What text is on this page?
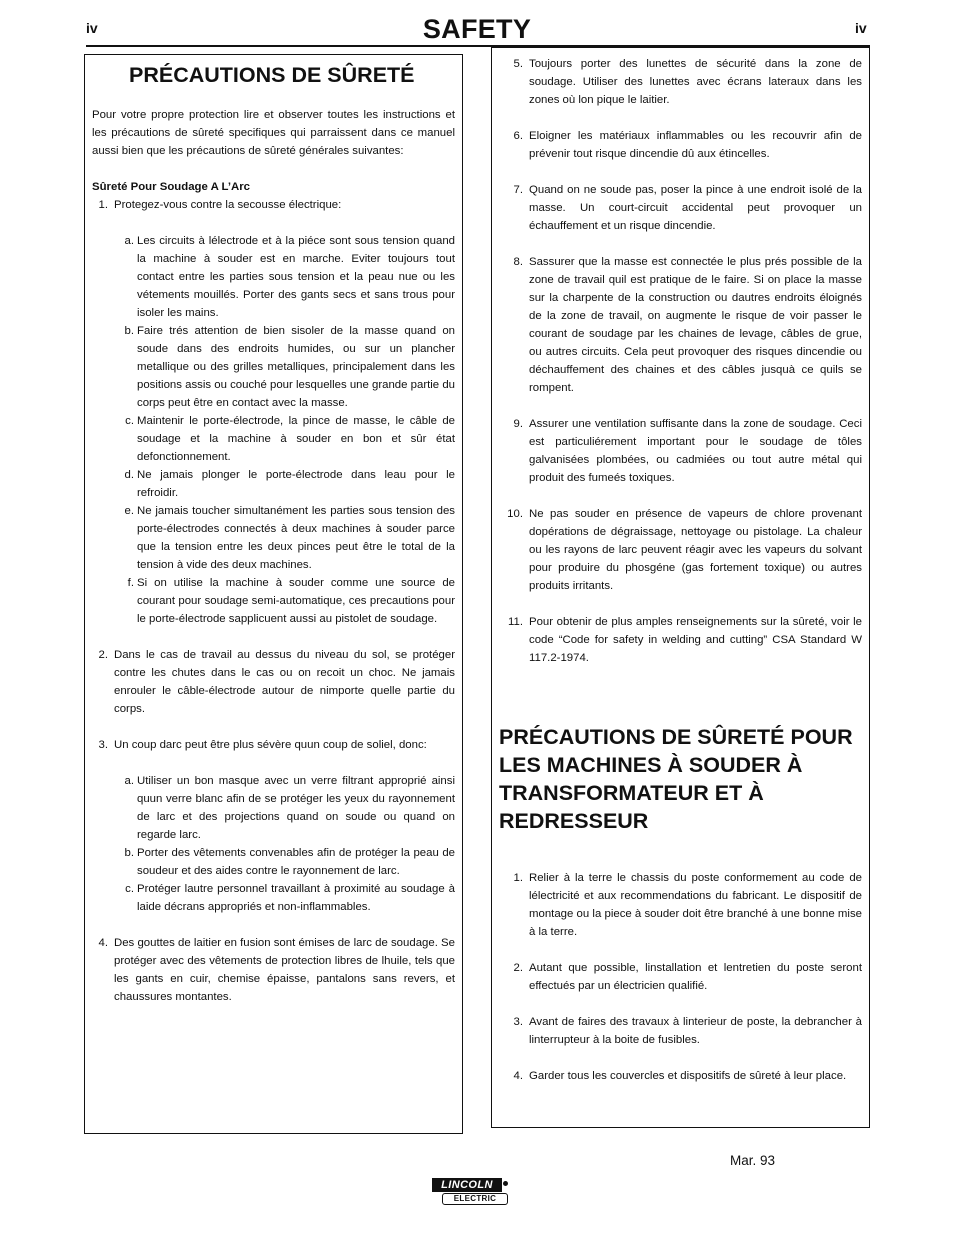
iv	SAFETY	iv
PRÉCAUTIONS DE SÛRETÉ
Pour votre propre protection lire et observer toutes les instructions et les précautions de sûreté specifiques qui parraissent dans ce manuel aussi bien que les précautions de sûreté générales suivantes:
Sûreté Pour Soudage A L’Arc
1. Protegez-vous contre la secousse électrique:
a. Les circuits à lélectrode et à la piéce sont sous tension quand la machine à souder est en marche. Eviter toujours tout contact entre les parties sous tension et la peau nue ou les vétements mouillés. Porter des gants secs et sans trous pour isoler les mains.
b. Faire trés attention de bien sisoler de la masse quand on soude dans des endroits humides, ou sur un plancher metallique ou des grilles metalliques, principalement dans les positions assis ou couché pour lesquelles une grande partie du corps peut être en contact avec la masse.
c. Maintenir le porte-électrode, la pince de masse, le câble de soudage et la machine à souder en bon et sûr état defonctionnement.
d. Ne jamais plonger le porte-électrode dans leau pour le refroidir.
e. Ne jamais toucher simultanément les parties sous tension des porte-électrodes connectés à deux machines à souder parce que la tension entre les deux pinces peut être le total de la tension à vide des deux machines.
f. Si on utilise la machine à souder comme une source de courant pour soudage semi-automatique, ces precautions pour le porte-électrode sapplicuent aussi au pistolet de soudage.
2. Dans le cas de travail au dessus du niveau du sol, se protéger contre les chutes dans le cas ou on recoit un choc. Ne jamais enrouler le câble-électrode autour de nimporte quelle partie du corps.
3. Un coup darc peut être plus sévère quun coup de soliel, donc:
a. Utiliser un bon masque avec un verre filtrant approprié ainsi quun verre blanc afin de se protéger les yeux du rayonnement de larc et des projections quand on soude ou quand on regarde larc.
b. Porter des vêtements convenables afin de protéger la peau de soudeur et des aides contre le rayonnement de larc.
c. Protéger lautre personnel travaillant à proximité au soudage à laide décrans appropriés et non-inflammables.
4. Des gouttes de laitier en fusion sont émises de larc de soudage. Se protéger avec des vêtements de protection libres de lhuile, tels que les gants en cuir, chemise épaisse, pantalons sans revers, et chaussures montantes.
5. Toujours porter des lunettes de sécurité dans la zone de soudage. Utiliser des lunettes avec écrans lateraux dans les zones où lon pique le laitier.
6. Eloigner les matériaux inflammables ou les recouvrir afin de prévenir tout risque dincendie dû aux étincelles.
7. Quand on ne soude pas, poser la pince à une endroit isolé de la masse. Un court-circuit accidental peut provoquer un échauffement et un risque dincendie.
8. Sassurer que la masse est connectée le plus prés possible de la zone de travail quil est pratique de le faire. Si on place la masse sur la charpente de la construction ou dautres endroits éloignés de la zone de travail, on augmente le risque de voir passer le courant de soudage par les chaines de levage, câbles de grue, ou autres circuits. Cela peut provoquer des risques dincendie ou déchauffement des chaines et des câbles jusquà ce quils se rompent.
9. Assurer une ventilation suffisante dans la zone de soudage. Ceci est particuliérement important pour le soudage de tôles galvanisées plombées, ou cadmiées ou tout autre métal qui produit des fumeés toxiques.
10. Ne pas souder en présence de vapeurs de chlore provenant dopérations de dégraissage, nettoyage ou pistolage. La chaleur ou les rayons de larc peuvent réagir avec les vapeurs du solvant pour produire du phosgéne (gas fortement toxique) ou autres produits irritants.
11. Pour obtenir de plus amples renseignements sur la sûreté, voir le code “Code for safety in welding and cutting” CSA Standard W 117.2-1974.
PRÉCAUTIONS DE SÛRETÉ POUR LES MACHINES À SOUDER À TRANSFORMATEUR ET À REDRESSEUR
1. Relier à la terre le chassis du poste conformement au code de lélectricité et aux recommendations du fabricant. Le dispositif de montage ou la piece à souder doit être branché à une bonne mise à la terre.
2. Autant que possible, linstallation et lentretien du poste seront effectués par un électricien qualifié.
3. Avant de faires des travaux à linterieur de poste, la debrancher à linterrupteur à la boite de fusibles.
4. Garder tous les couvercles et dispositifs de sûreté à leur place.
Mar. 93
LINCOLN
ELECTRIC
